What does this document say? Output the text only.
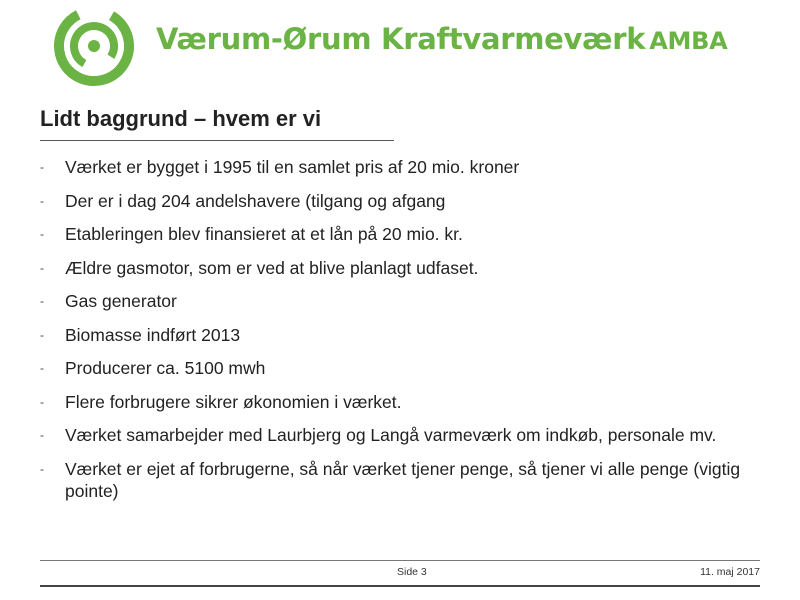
Værum-Ørum Kraftvarmeværk AMBA
Lidt baggrund – hvem er vi
- Værket er bygget i 1995 til en samlet pris af 20 mio. kroner
- Der er i dag 204 andelshavere (tilgang og afgang
- Etableringen blev finansieret at et lån på 20 mio. kr.
- Ældre gasmotor, som er ved at blive planlagt udfaset.
- Gas generator
- Biomasse indført 2013
- Producerer ca. 5100 mwh
- Flere forbrugere sikrer økonomien i værket.
- Værket samarbejder med Laurbjerg og Langå varmeværk om indkøb, personale mv.
- Værket er ejet af forbrugerne, så når værket tjener penge, så tjener vi alle penge (vigtig pointe)
Side 3	11. maj 2017
